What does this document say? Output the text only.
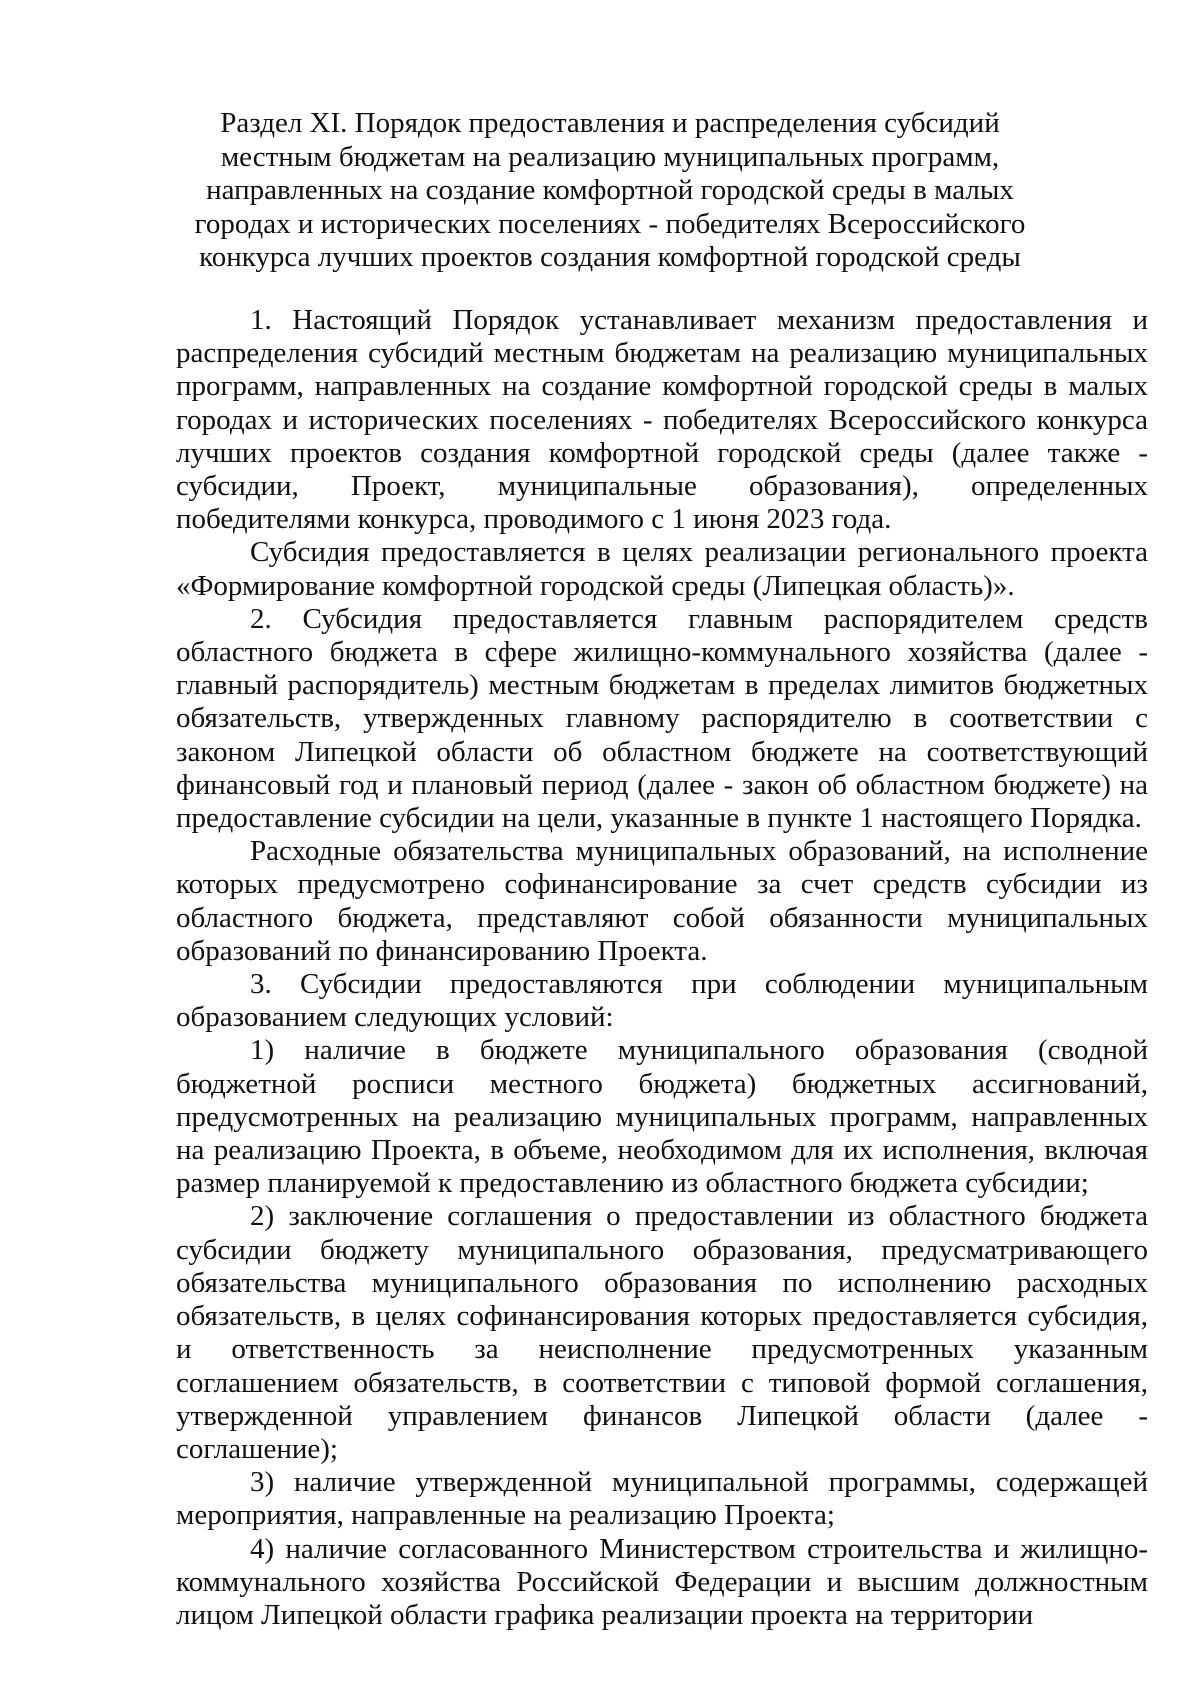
Раздел XI. Порядок предоставления и распределения субсидий местным бюджетам на реализацию муниципальных программ, направленных на создание комфортной городской среды в малых городах и исторических поселениях - победителях Всероссийского конкурса лучших проектов создания комфортной городской среды

1. Настоящий Порядок устанавливает механизм предоставления и распределения субсидий местным бюджетам на реализацию муниципальных программ, направленных на создание комфортной городской среды в малых городах и исторических поселениях - победителях Всероссийского конкурса лучших проектов создания комфортной городской среды (далее также - субсидии, Проект, муниципальные образования), определенных победителями конкурса, проводимого с 1 июня 2023 года.

Субсидия предоставляется в целях реализации регионального проекта «Формирование комфортной городской среды (Липецкая область)».

2. Субсидия предоставляется главным распорядителем средств областного бюджета в сфере жилищно-коммунального хозяйства (далее - главный распорядитель) местным бюджетам в пределах лимитов бюджетных обязательств, утвержденных главному распорядителю в соответствии с законом Липецкой области об областном бюджете на соответствующий финансовый год и плановый период (далее - закон об областном бюджете) на предоставление субсидии на цели, указанные в пункте 1 настоящего Порядка.

Расходные обязательства муниципальных образований, на исполнение которых предусмотрено софинансирование за счет средств субсидии из областного бюджета, представляют собой обязанности муниципальных образований по финансированию Проекта.

3. Субсидии предоставляются при соблюдении муниципальным образованием следующих условий:

1) наличие в бюджете муниципального образования (сводной бюджетной росписи местного бюджета) бюджетных ассигнований, предусмотренных на реализацию муниципальных программ, направленных на реализацию Проекта, в объеме, необходимом для их исполнения, включая размер планируемой к предоставлению из областного бюджета субсидии;

2) заключение соглашения о предоставлении из областного бюджета субсидии бюджету муниципального образования, предусматривающего обязательства муниципального образования по исполнению расходных обязательств, в целях софинансирования которых предоставляется субсидия, и ответственность за неисполнение предусмотренных указанным соглашением обязательств, в соответствии с типовой формой соглашения, утвержденной управлением финансов Липецкой области (далее - соглашение);

3) наличие утвержденной муниципальной программы, содержащей мероприятия, направленные на реализацию Проекта;

4) наличие согласованного Министерством строительства и жилищно-коммунального хозяйства Российской Федерации и высшим должностным лицом Липецкой области графика реализации проекта на территории
